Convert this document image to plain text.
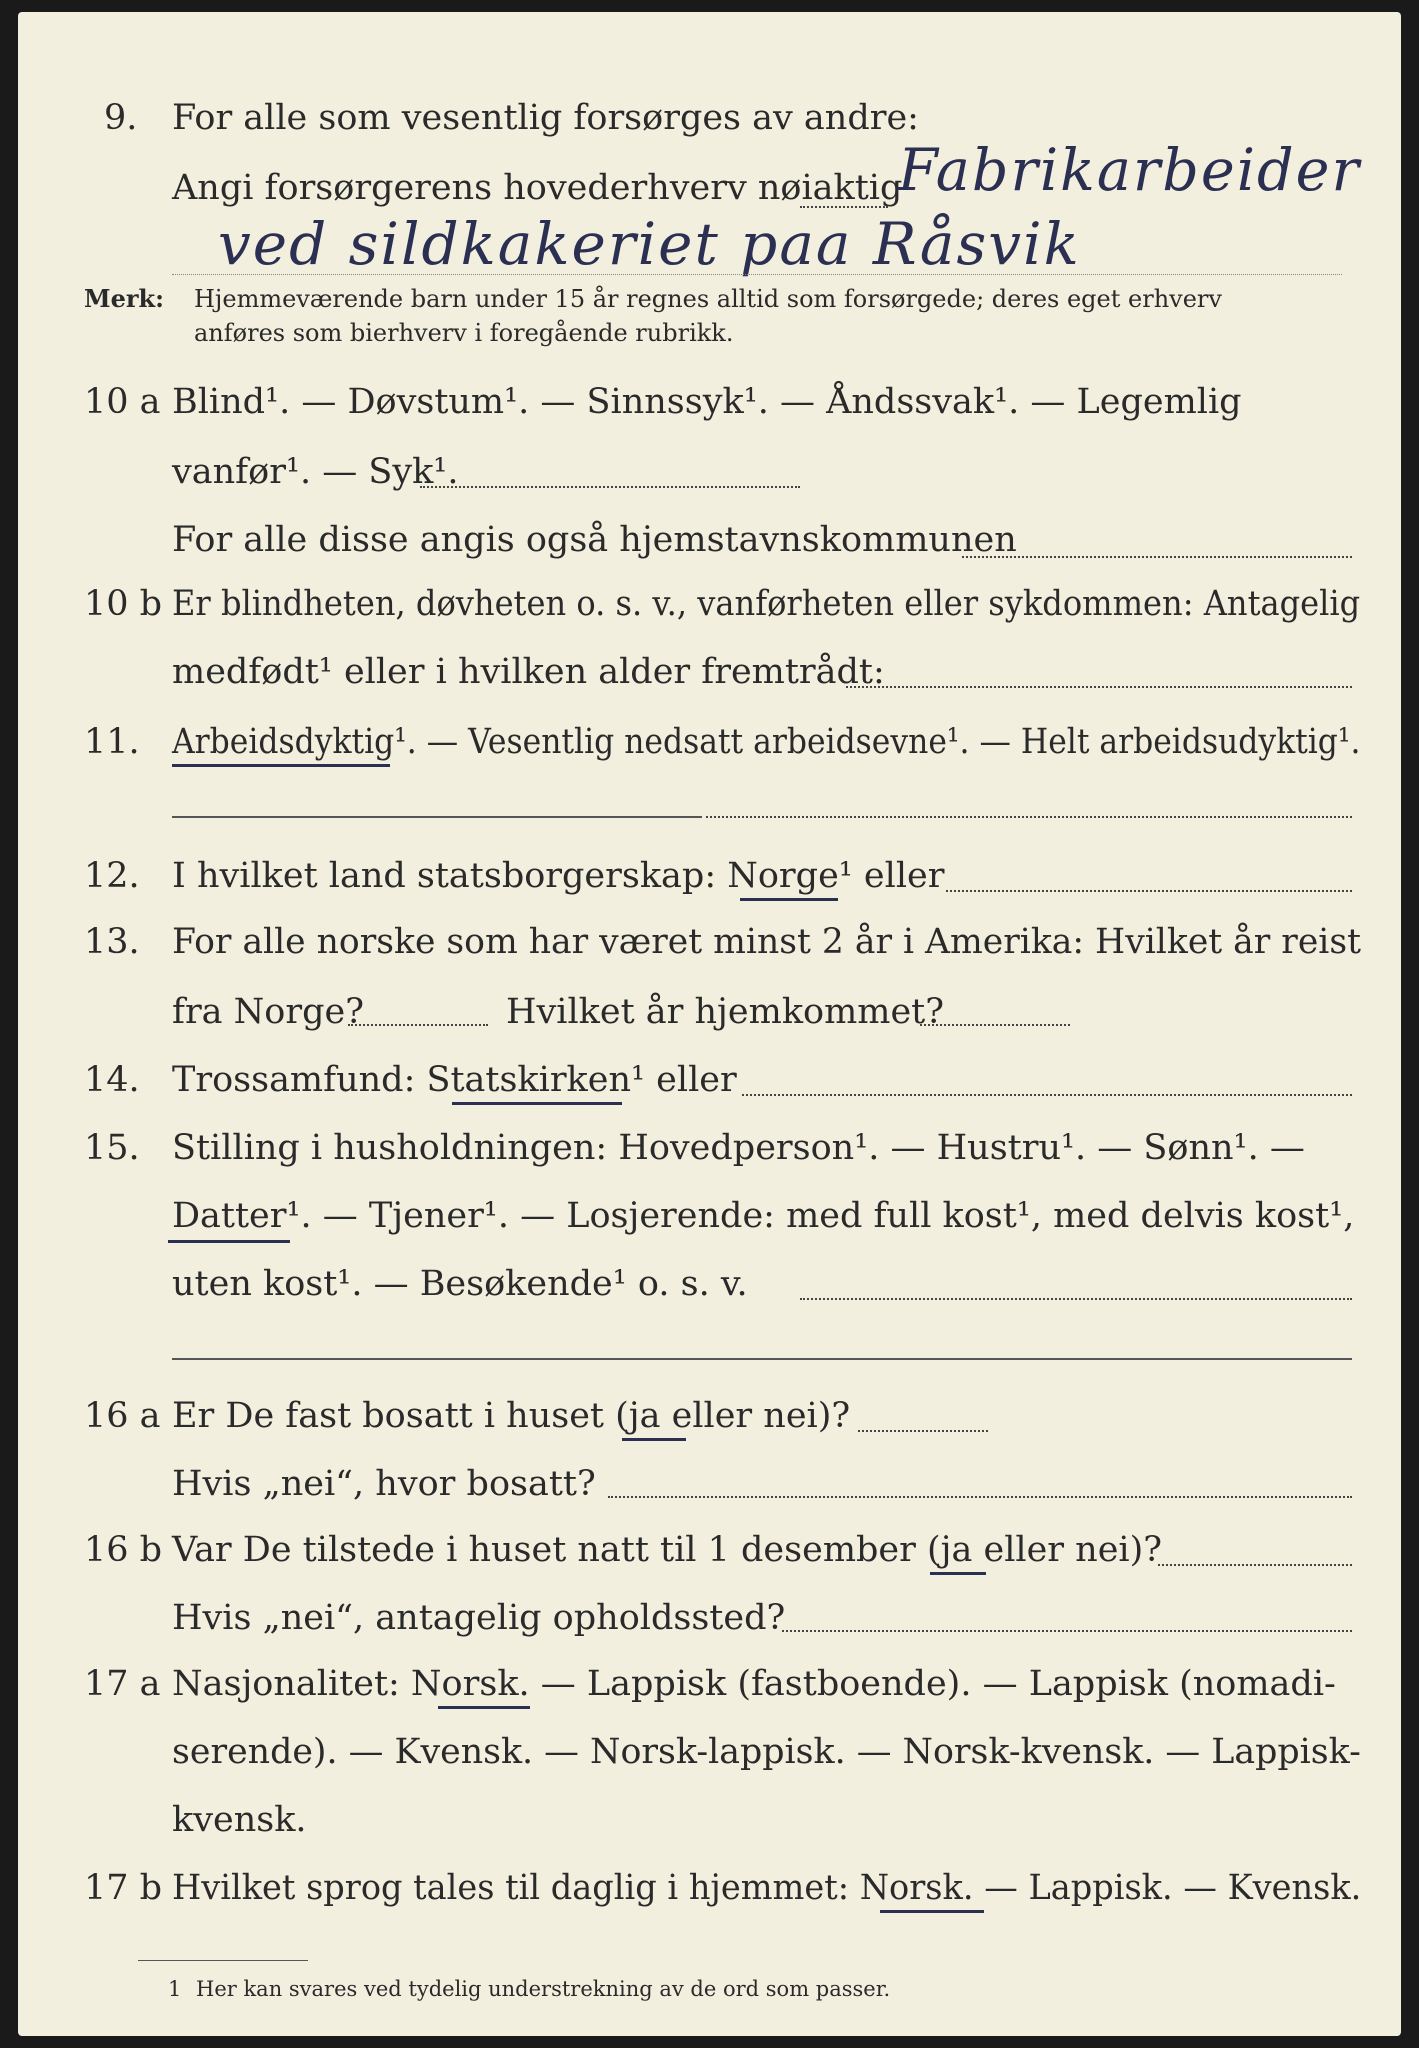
9. For alle som vesentlig forsørges av andre:
Angi forsørgerens hovederhverv nøiaktig
Fabrikarbeider
ved sildkakeriet paa Råsvik
Merk: Hjemmeværende barn under 15 år regnes alltid som forsørgede; deres eget erhverv
anføres som bierhverv i foregående rubrikk.
10 a Blind¹. — Døvstum¹. — Sinnssyk¹. — Åndssvak¹. — Legemlig
vanfør¹. — Syk¹.
For alle disse angis også hjemstavnskommunen
10 b Er blindheten, døvheten o. s. v., vanførheten eller sykdommen: Antagelig
medfødt¹ eller i hvilken alder fremtrådt:
11. Arbeidsdyktig¹. — Vesentlig nedsatt arbeidsevne¹. — Helt arbeidsudyktig¹.
12. I hvilket land statsborgerskap: Norge¹ eller
13. For alle norske som har været minst 2 år i Amerika: Hvilket år reist
fra Norge?	Hvilket år hjemkommet?
14. Trossamfund: Statskirken¹ eller
15. Stilling i husholdningen: Hovedperson¹. — Hustru¹. — Sønn¹. —
Datter¹. — Tjener¹. — Losjerende: med full kost¹, med delvis kost¹,
uten kost¹. — Besøkende¹ o. s. v.
16 a Er De fast bosatt i huset (ja eller nei)?
Hvis „nei“, hvor bosatt?
16 b Var De tilstede i huset natt til 1 desember (ja eller nei)?
Hvis „nei“, antagelig opholdssted?
17 a Nasjonalitet: Norsk. — Lappisk (fastboende). — Lappisk (nomadi-
serende). — Kvensk. — Norsk-lappisk. — Norsk-kvensk. — Lappisk-
kvensk.
17 b Hvilket sprog tales til daglig i hjemmet: Norsk. — Lappisk. — Kvensk.
1 Her kan svares ved tydelig understrekning av de ord som passer.
